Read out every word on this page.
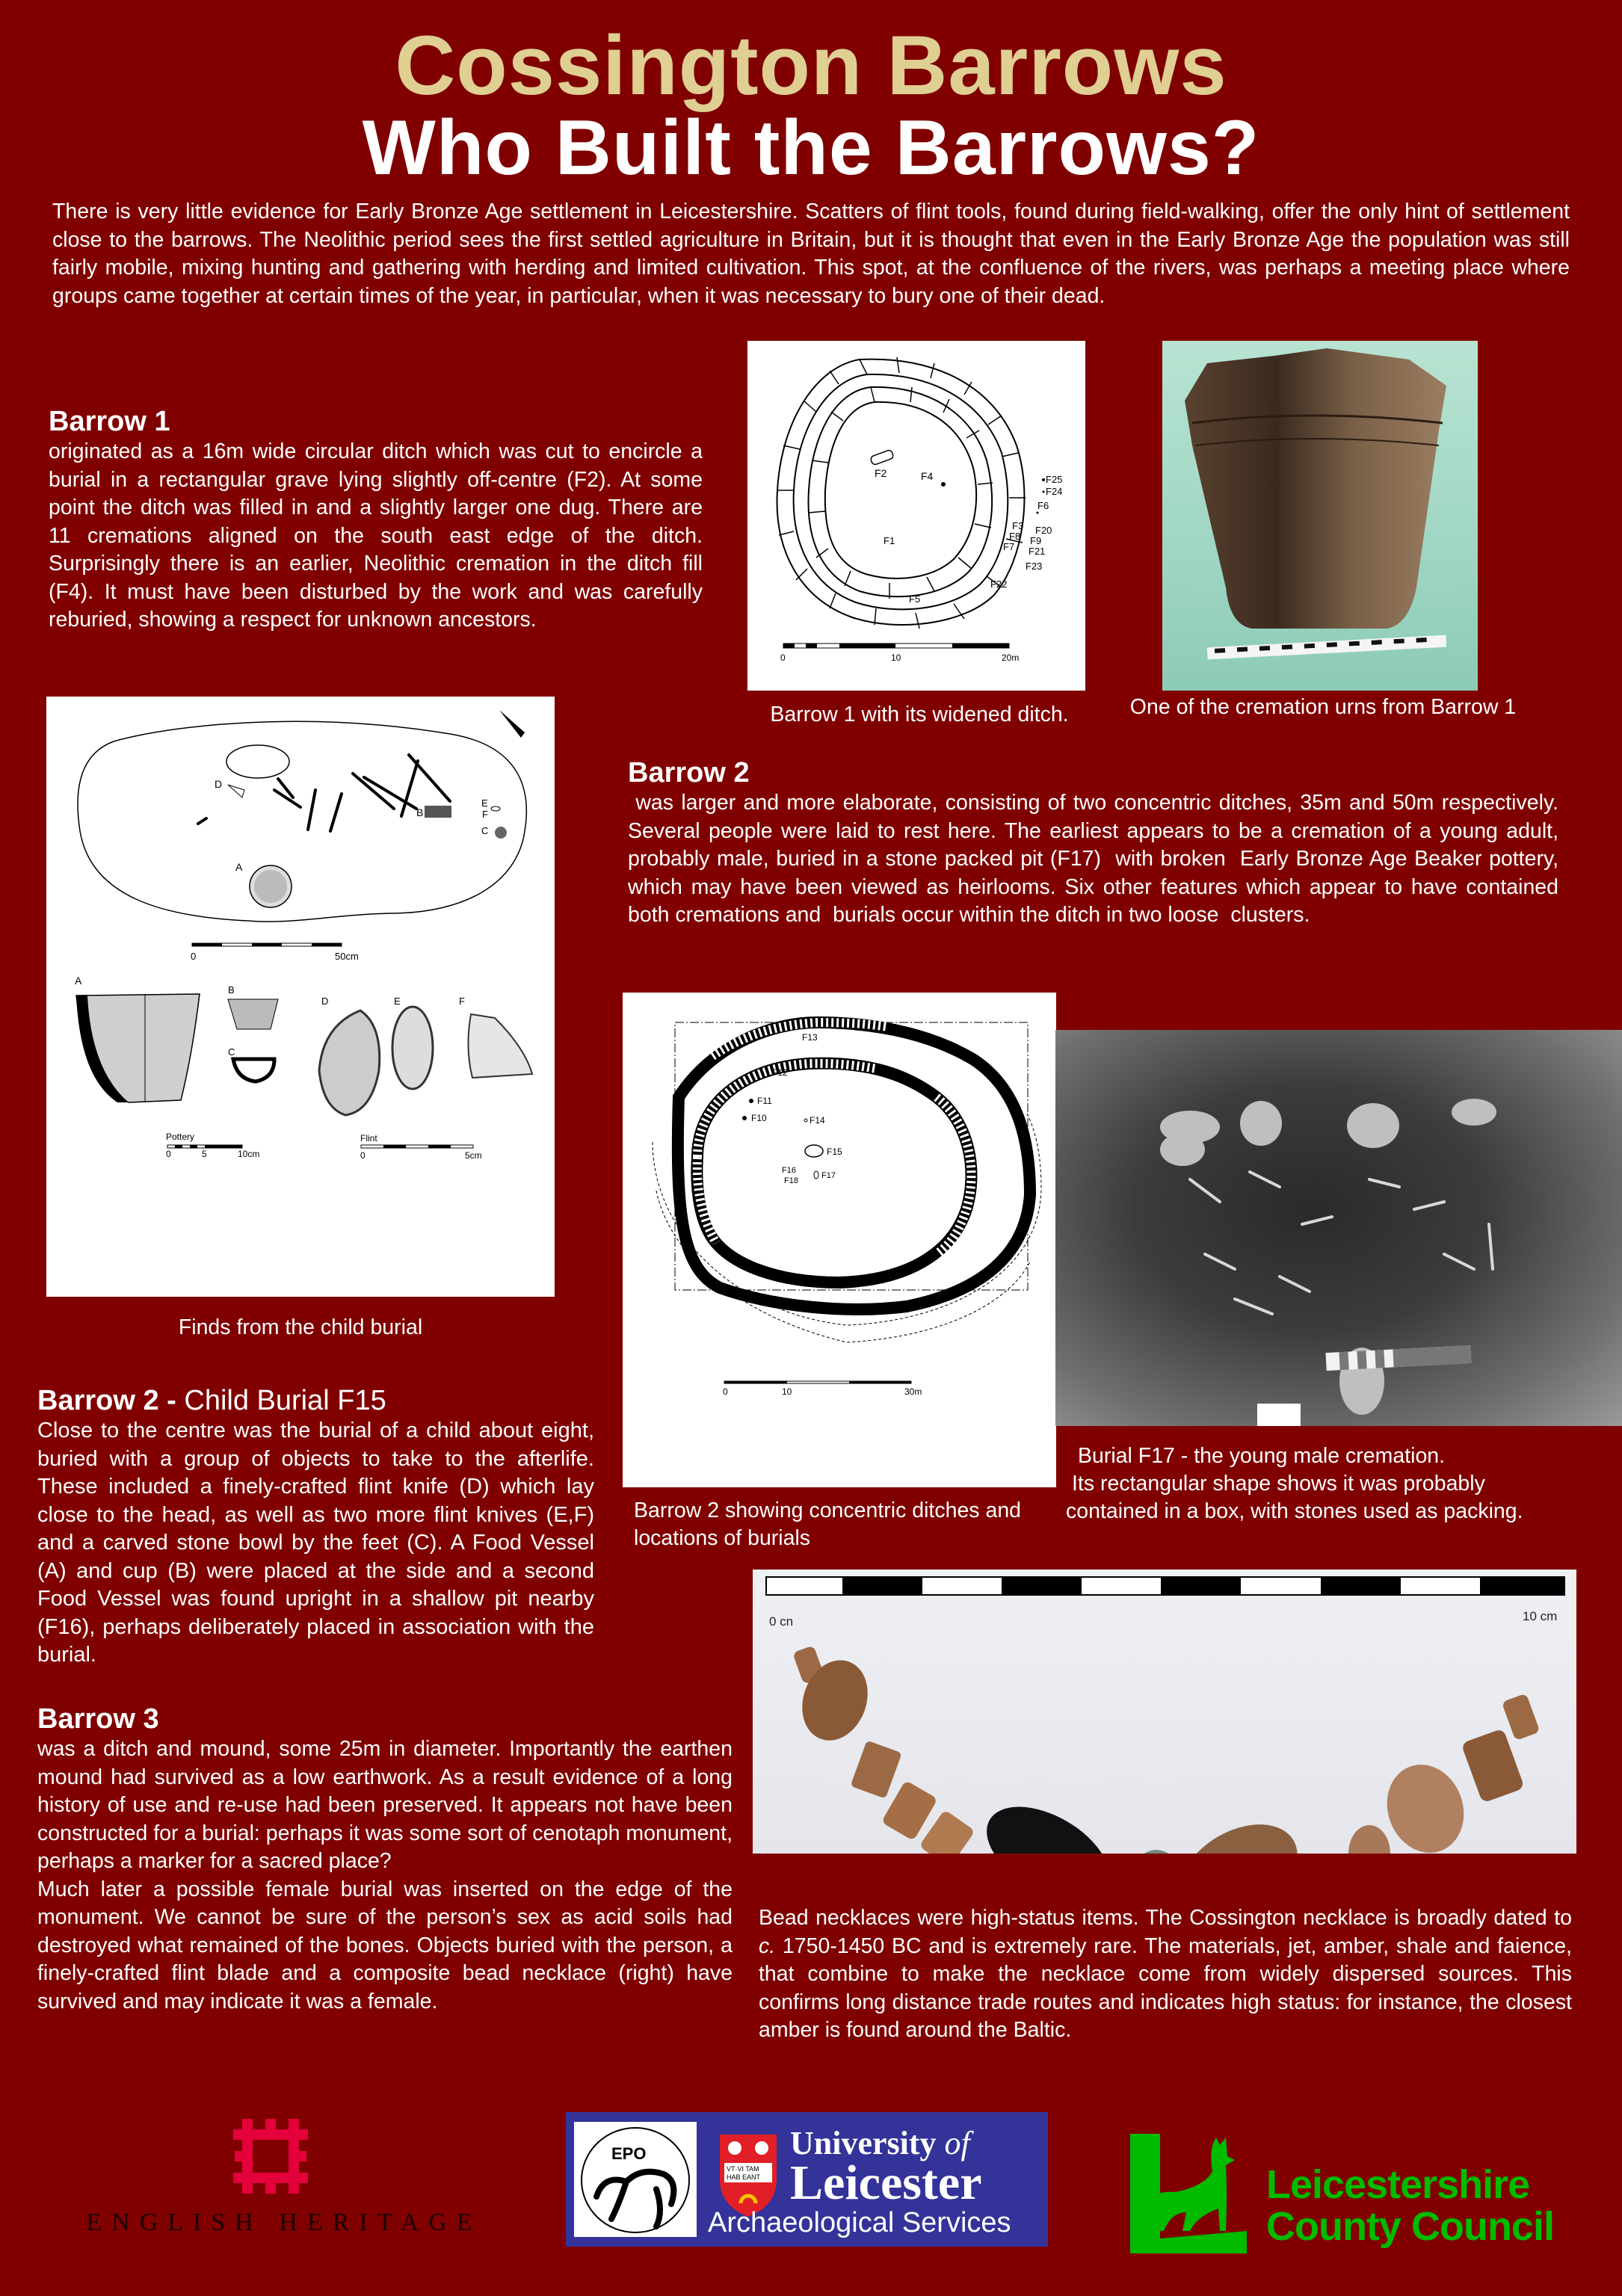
Cossington Barrows
Who Built the Barrows?
There is very little evidence for Early Bronze Age settlement in Leicestershire. Scatters of flint tools, found during field-walking, offer the only hint of settlement close to the barrows. The Neolithic period sees the first settled agriculture in Britain, but it is thought that even in the Early Bronze Age the population was still fairly mobile, mixing hunting and gathering with herding and limited cultivation. This spot, at the confluence of the rivers, was perhaps a meeting place where groups came together at certain times of the year, in particular, when it was necessary to bury one of their dead.
Barrow 1
originated as a 16m wide circular ditch which was cut to encircle a burial in a rectangular grave lying slightly off-centre (F2). At some point the ditch was filled in and a slightly larger one dug. There are 11 cremations aligned on the south east edge of the ditch. Surprisingly there is an earlier, Neolithic cremation in the ditch fill (F4). It must have been disturbed by the work and was carefully reburied, showing a respect for unknown ancestors.
F2	F4	F25
F24
F6
F3 F20
F8 F9
F7 F21
F1
F23
F22
F5
0	10	20m
Barrow 1 with its widened ditch.	One of the cremation urns from Barrow 1
D
B
E
F
C
A
0	50cm
A
B
C
D	E	F
Pottery
0	5	10cm
Flint
0	5cm
Finds from the child burial
Barrow 2
was larger and more elaborate, consisting of two concentric ditches, 35m and 50m respectively. Several people were laid to rest here. The earliest appears to be a cremation of a young adult, probably male, buried in a stone packed pit (F17)  with broken  Early Bronze Age Beaker pottery, which may have been viewed as heirlooms. Six other features which appear to have contained both cremations and  burials occur within the ditch in two loose  clusters.
F13
F12
F11
F10	F14
F15
F16
F17
F18
0	10	30m
Barrow 2 showing concentric ditches and locations of burials
Burial F17 - the young male cremation.
Its rectangular shape shows it was probably
contained in a box, with stones used as packing.
Barrow 2 - Child Burial F15
Close to the centre was the burial of a child about eight, buried with a group of objects to take to the afterlife. These included a finely-crafted flint knife (D) which lay close to the head, as well as two more flint knives (E,F) and a carved stone bowl by the feet (C). A Food Vessel (A) and cup (B) were placed at the side and a second Food Vessel was found upright in a shallow pit nearby (F16), perhaps deliberately placed in association with the burial.
Barrow 3
was a ditch and mound, some 25m in diameter. Importantly the earthen mound had survived as a low earthwork. As a result evidence of a long history of use and re-use had been preserved. It appears not have been constructed for a burial: perhaps it was some sort of cenotaph monument, perhaps a marker for a sacred place?
Much later a possible female burial was inserted on the edge of the monument. We cannot be sure of the person’s sex as acid soils had destroyed what remained of the bones. Objects buried with the person, a finely-crafted flint blade and a composite bead necklace (right) have survived and may indicate it was a female.
0 cn	10 cm
Bead necklaces were high-status items. The Cossington necklace is broadly dated to c. 1750-1450 BC and is extremely rare. The materials, jet, amber, shale and faience, that combine to make the necklace come from widely dispersed sources. This confirms long distance trade routes and indicates high status: for instance, the closest amber is found around the Baltic.
ENGLISH HERITAGE
EPO
VT·VI TAM
HAB EANT
University of
Leicester
Archaeological Services
Leicestershire
County Council
